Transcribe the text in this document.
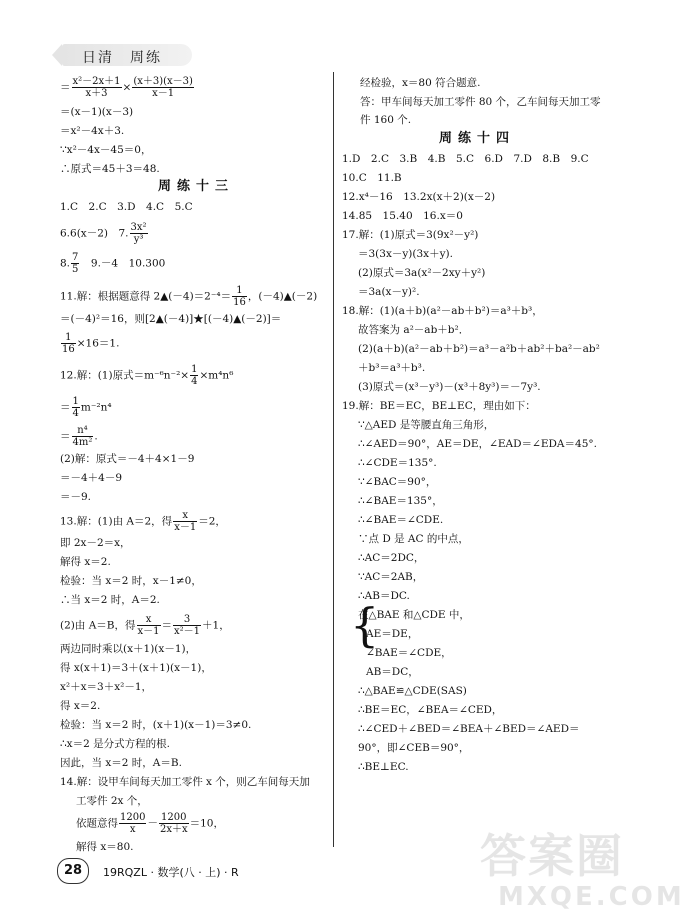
日清　周练
＝ $\frac{\text{x²－2x＋1}}{x+3} \times \frac{(x+3)(x-3)}{x-1}$
＝(x－1)(x－3)
＝x²－4x＋3.
∵x²－4x－45＝0，
∴原式＝45＋3＝48.
周练十三
1.C　2.C　3.D　4.C　5.C
6.6(x－2)　7. $\frac{\text{3x²}}{\text{y³}}$
8. $\frac{7}{5}$ 　9.－4　10.300
11.解：根据题意得 2▲(－4)＝2⁻⁴＝ $\frac{1}{16}$ ，(－4)▲(－2)
＝(－4)²＝16，则[2▲(－4)]★[(－4)▲(－2)]＝
$\frac{1}{16} \times 16=1$.
12.解：(1)原式$=m^{-6}n^{-2}\times \frac{1}{4} \times m^4n^6$
＝ $\frac{1}{4} m^{-2}n^4$
＝ $\frac{\text{n⁴}}{\text{4m²}}$ .
(2)解：原式＝－4＋4×1－9
＝－4＋4－9
＝－9.
13.解：(1)由 A＝2，得 $\frac{x}{x-1} =2$，
即 2x－2＝x，
解得 x＝2.
检验：当 x＝2 时，x－1≠0，
∴当 x＝2 时，A＝2.
(2)由 A＝B，得 $\frac{x}{x-1} = \frac{3}{\text{x²－1}} +1$，
两边同时乘以(x＋1)(x－1)，
得 x(x＋1)＝3＋(x＋1)(x－1)，
x²＋x＝3＋x²－1，
得 x＝2.
检验：当 x＝2 时，(x＋1)(x－1)＝3≠0.
∴x＝2 是分式方程的根.
因此，当 x＝2 时，A＝B.
14.解：设甲车间每天加工零件 x 个，则乙车间每天加
工零件 2x 个，
依题意得 $\frac{1200}{x} - \frac{1200}{2x+x} =10$，
解得 x＝80.
经检验，x＝80 符合题意.
答：甲车间每天加工零件 80 个，乙车间每天加工零
件 160 个.
周练十四
1.D　2.C　3.B　4.B　5.C　6.D　7.D　8.B　9.C
10.C　11.B
12.x⁴－16　13.2x(x＋2)(x－2)
14.85　15.40　16.x＝0
17.解：(1)原式＝3(9x²－y²)
＝3(3x－y)(3x＋y).
(2)原式＝3a(x²－2xy＋y²)
＝3a(x－y)².
18.解：(1)(a＋b)(a²－ab＋b²)＝a³＋b³，
故答案为 a²－ab＋b²．
(2)(a＋b)(a²－ab＋b²)＝a³－a²b＋ab²＋ba²－ab²
＋b³＝a³＋b³.
(3)原式＝(x³－y³)－(x³＋8y³)＝－7y³.
19.解：BE＝EC，BE⊥EC，理由如下：
∵△AED 是等腰直角三角形，
∴∠AED＝90°，AE＝DE，∠EAD＝∠EDA＝45°.
∴∠CDE＝135°.
∵∠BAC＝90°，
∴∠BAE＝135°，
∴∠BAE＝∠CDE.
∵点 D 是 AC 的中点，
∴AC＝2DC，
∵AC＝2AB，
∴AB＝DC.
在△BAE 和△CDE 中，
{
AE＝DE，
∠BAE＝∠CDE，
AB＝DC，
∴△BAE≌△CDE(SAS)
∴BE＝EC，∠BEA＝∠CED，
∴∠CED＋∠BED＝∠BEA＋∠BED＝∠AED＝
90°，即∠CEB＝90°，
∴BE⊥EC.
28	19RQZL · 数学(八 · 上) · R	答案圈
MXQE.COM
